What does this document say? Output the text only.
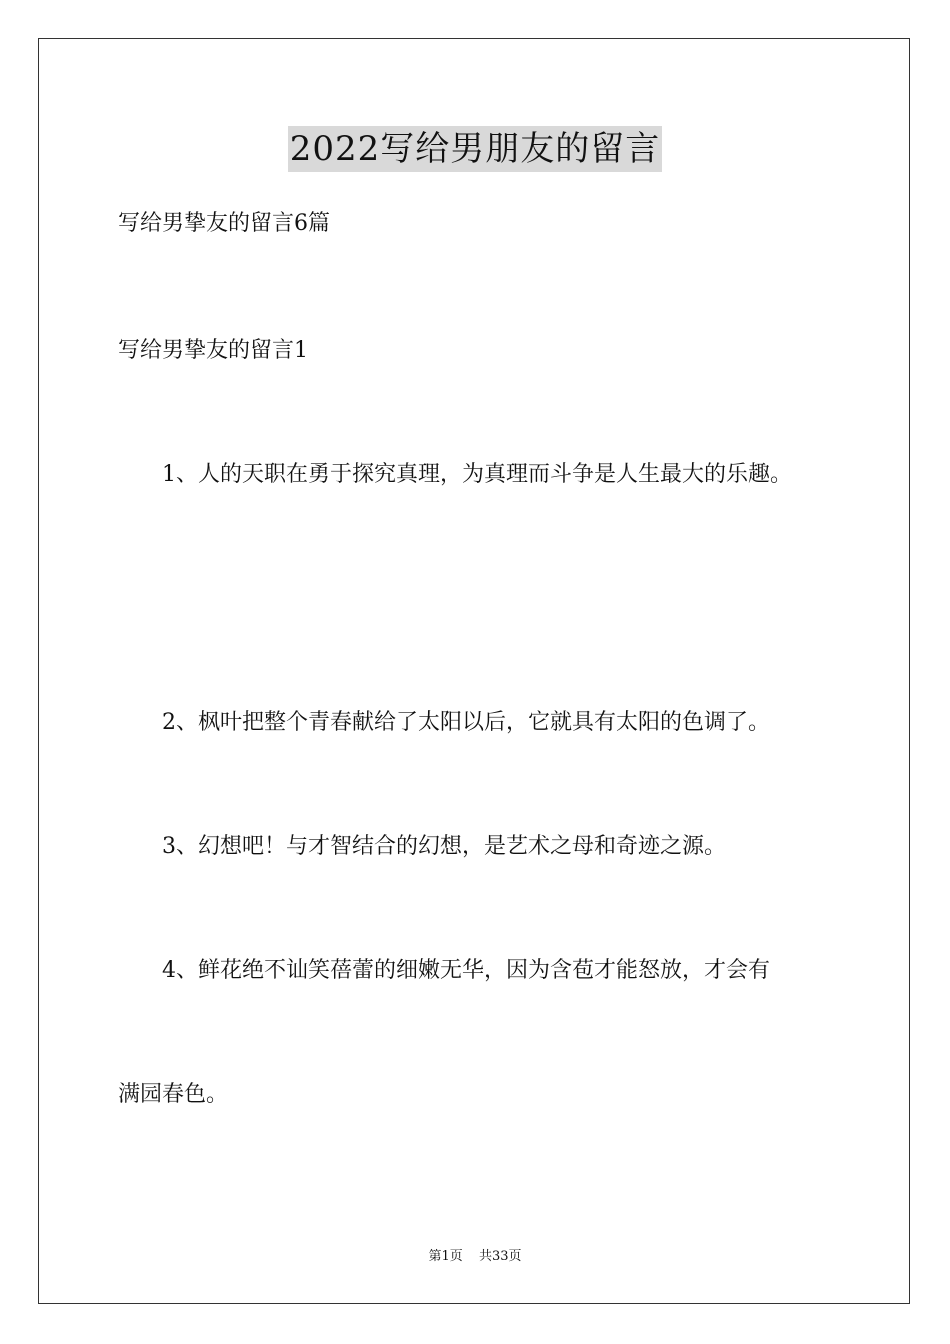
2022写给男朋友的留言
写给男挚友的留言6篇
写给男挚友的留言1
1、人的天职在勇于探究真理，为真理而斗争是人生最大的乐趣。
2、枫叶把整个青春献给了太阳以后，它就具有太阳的色调了。
3、幻想吧！与才智结合的幻想，是艺术之母和奇迹之源。
4、鲜花绝不讪笑蓓蕾的细嫩无华，因为含苞才能怒放，才会有
满园春色。
第1页 共33页
